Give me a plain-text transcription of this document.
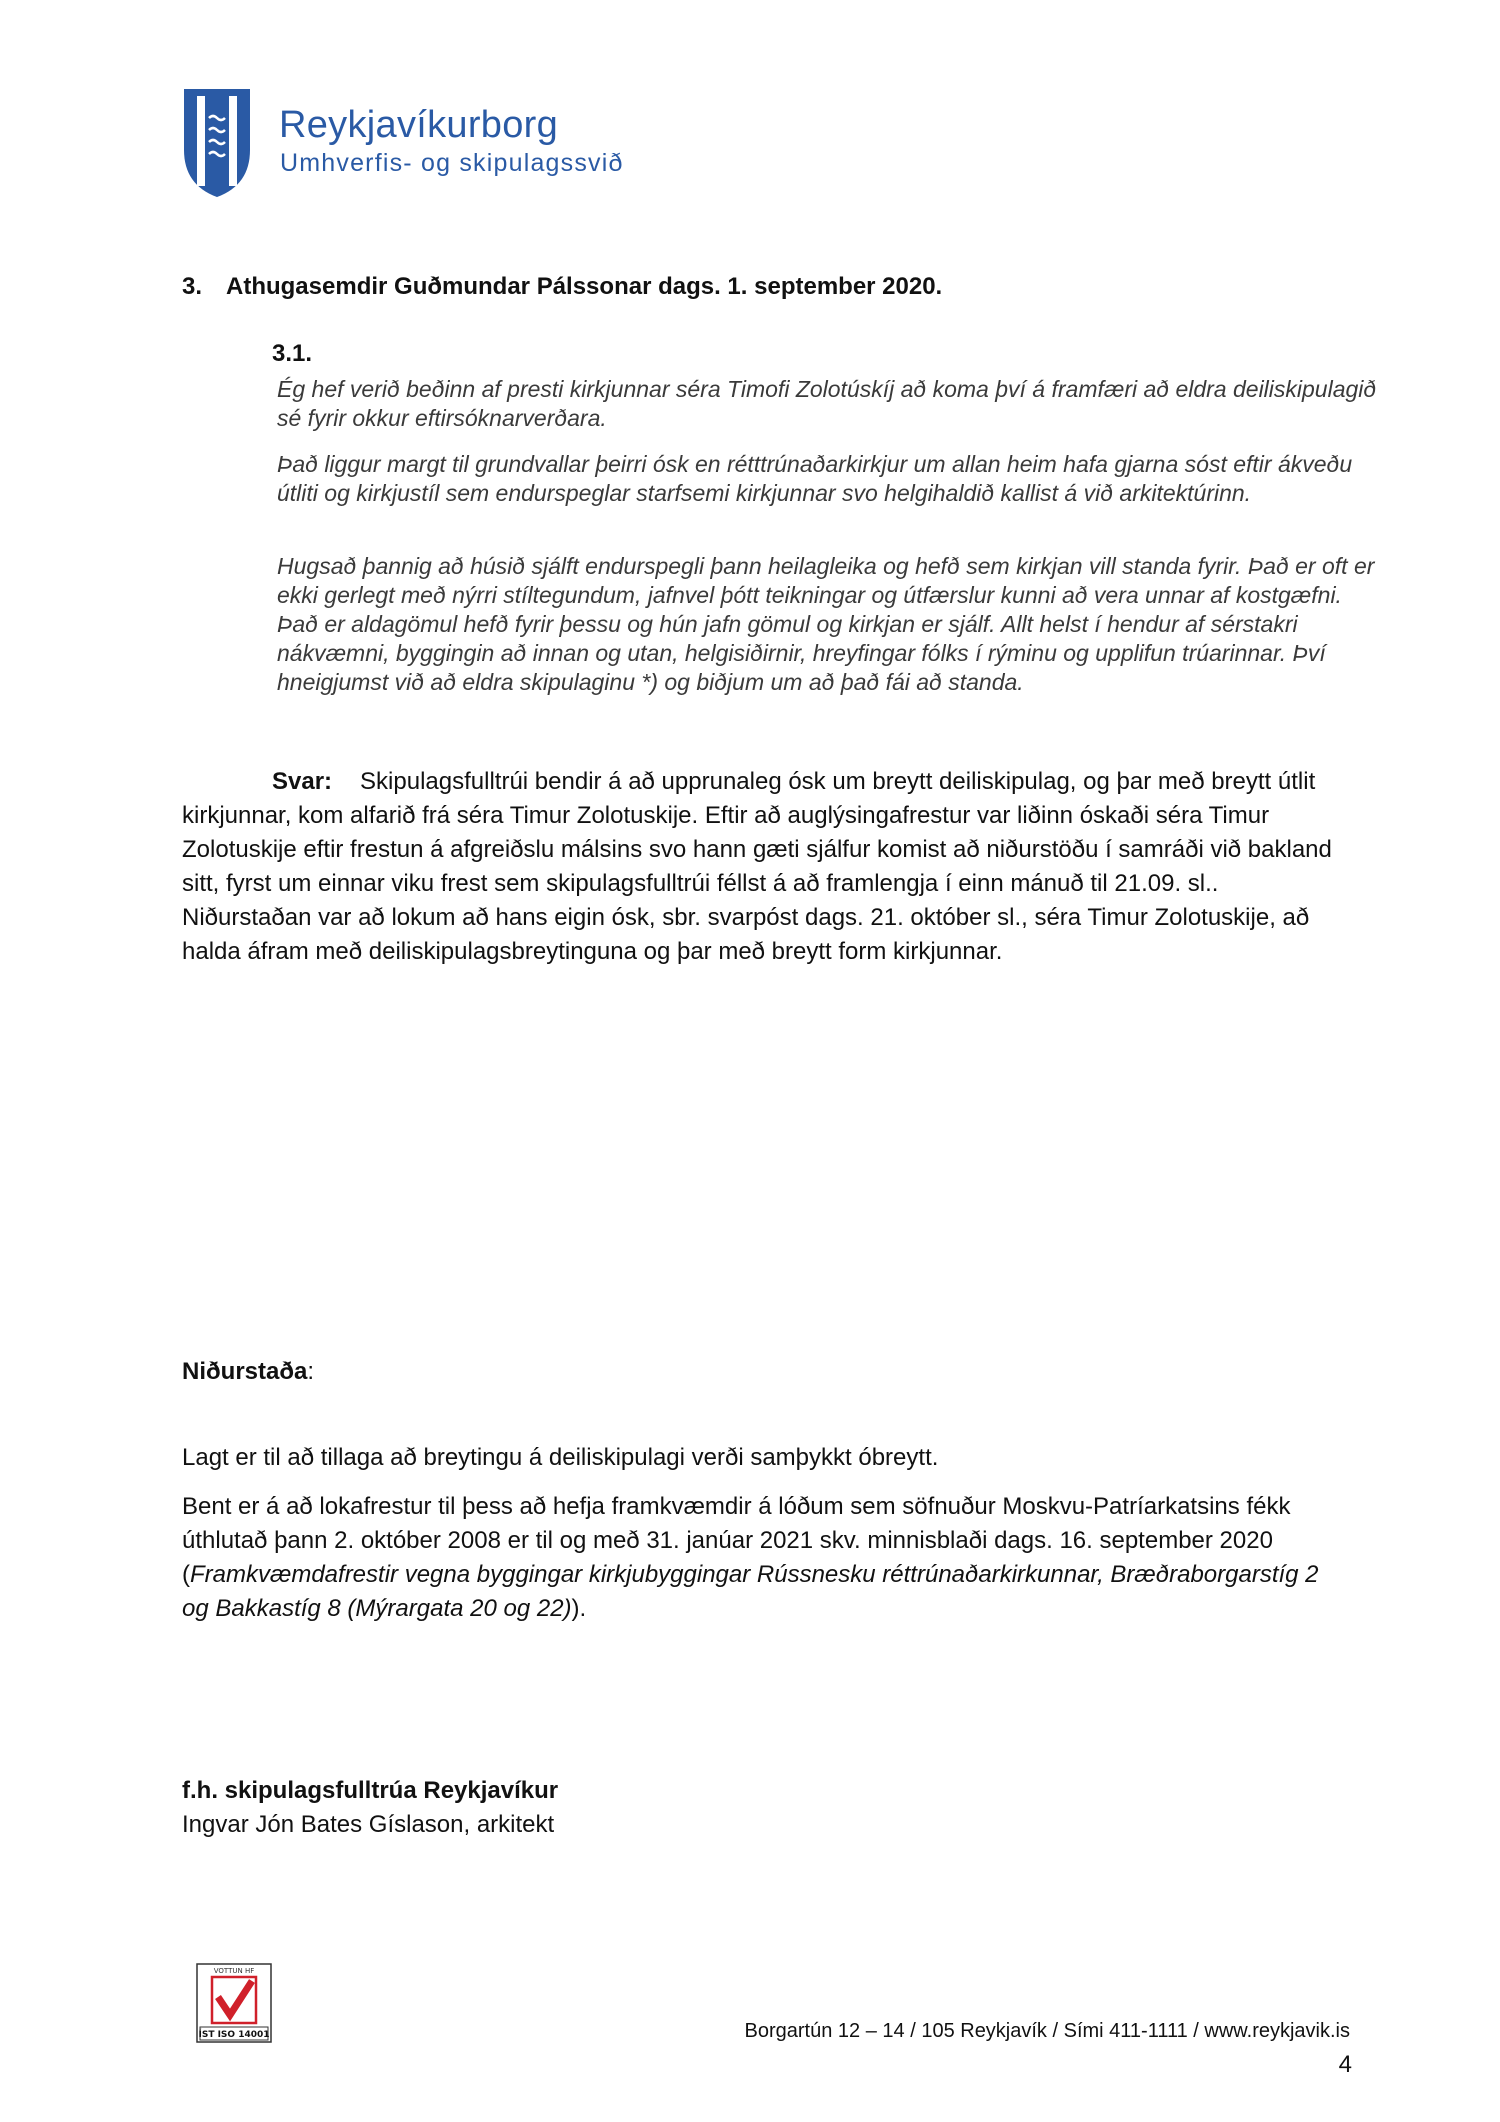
Reykjavíkurborg
Umhverfis- og skipulagssvið
3. Athugasemdir Guðmundar Pálssonar dags. 1. september 2020.
3.1.
Ég hef verið beðinn af presti kirkjunnar séra Timofi Zolotúskíj að koma því á framfæri að eldra deiliskipulagið sé fyrir okkur eftirsóknarverðara.
Það liggur margt til grundvallar þeirri ósk en rétttrúnaðarkirkjur um allan heim hafa gjarna sóst eftir ákveðu útliti og kirkjustíl sem endurspeglar starfsemi kirkjunnar svo helgihaldið kallist á við arkitektúrinn.
Hugsað þannig að húsið sjálft endurspegli þann heilagleika og hefð sem kirkjan vill standa fyrir. Það er oft er ekki gerlegt með nýrri stíltegundum, jafnvel þótt teikningar og útfærslur kunni að vera unnar af kostgæfni. Það er aldagömul hefð fyrir þessu og hún jafn gömul og kirkjan er sjálf. Allt helst í hendur af sérstakri nákvæmni, byggingin að innan og utan, helgisiðirnir, hreyfingar fólks í rýminu og upplifun trúarinnar. Því hneigjumst við að eldra skipulaginu *) og biðjum um að það fái að standa.
Svar: Skipulagsfulltrúi bendir á að upprunaleg ósk um breytt deiliskipulag, og þar með breytt útlit kirkjunnar, kom alfarið frá séra Timur Zolotuskije. Eftir að auglýsingafrestur var liðinn óskaði séra Timur Zolotuskije eftir frestun á afgreiðslu málsins svo hann gæti sjálfur komist að niðurstöðu í samráði við bakland sitt, fyrst um einnar viku frest sem skipulagsfulltrúi féllst á að framlengja í einn mánuð til 21.09. sl.. Niðurstaðan var að lokum að hans eigin ósk, sbr. svarpóst dags. 21. október sl., séra Timur Zolotuskije, að halda áfram með deiliskipulagsbreytinguna og þar með breytt form kirkjunnar.
Niðurstaða:
Lagt er til að tillaga að breytingu á deiliskipulagi verði samþykkt óbreytt.
Bent er á að lokafrestur til þess að hefja framkvæmdir á lóðum sem söfnuður Moskvu-Patríarkatsins fékk úthlutað þann 2. október 2008 er til og með 31. janúar 2021 skv. minnisblaði dags. 16. september 2020 (Framkvæmdafrestir vegna byggingar kirkjubyggingar Rússnesku réttrúnaðarkirkunnar, Bræðraborgarstíg 2 og Bakkastíg 8 (Mýrargata 20 og 22)).
f.h. skipulagsfulltrúa Reykjavíkur
Ingvar Jón Bates Gíslason, arkitekt
VOTTUN HF
ÍST ISO 14001	Borgartún 12 – 14 / 105 Reykjavík / Sími 411-1111 / www.reykjavik.is
4
